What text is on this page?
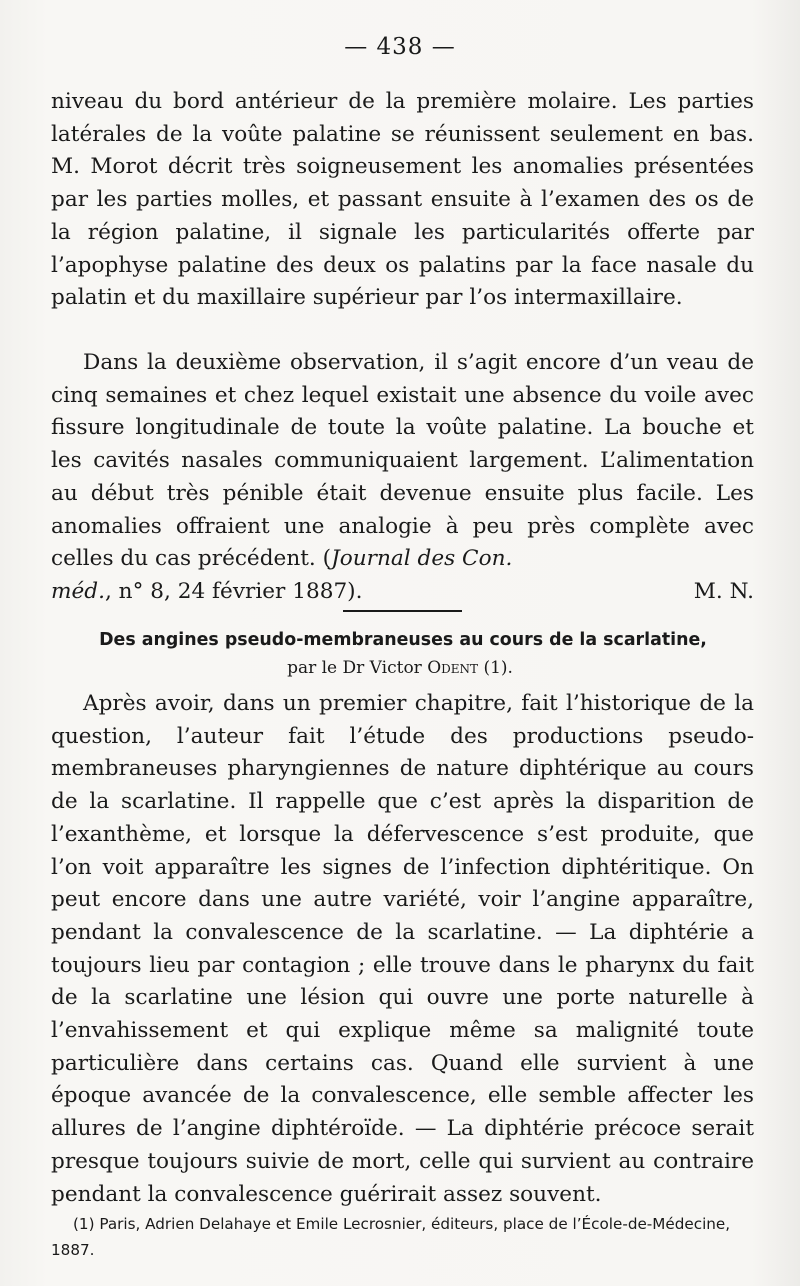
— 438 —

niveau du bord antérieur de la première molaire. Les parties latérales de la voûte palatine se réunissent seulement en bas. M. Morot décrit très soigneusement les anomalies présentées par les parties molles, et passant ensuite à l’examen des os de la région palatine, il signale les particularités offerte par l’apophyse palatine des deux os palatins par la face nasale du palatin et du maxillaire supérieur par l’os intermaxillaire.

Dans la deuxième observation, il s’agit encore d’un veau de cinq semaines et chez lequel existait une absence du voile avec fissure longitudinale de toute la voûte palatine. La bouche et les cavités nasales communiquaient largement. L’alimentation au début très pénible était devenue ensuite plus facile. Les anomalies offraient une analogie à peu près complète avec celles du cas précédent. (Journal des Con.

méd., n° 8, 24 février 1887).	M. N.
Des angines pseudo-membraneuses au cours de la scarlatine,
par le Dr Victor Odent (1).

Après avoir, dans un premier chapitre, fait l’historique de la question, l’auteur fait l’étude des productions pseudo-membraneuses pharyngiennes de nature diphtérique au cours de la scarlatine. Il rappelle que c’est après la disparition de l’exanthème, et lorsque la défervescence s’est produite, que l’on voit apparaître les signes de l’infection diphtéritique. On peut encore dans une autre variété, voir l’angine apparaître, pendant la convalescence de la scarlatine. — La diphtérie a toujours lieu par contagion ; elle trouve dans le pharynx du fait de la scarlatine une lésion qui ouvre une porte naturelle à l’envahissement et qui explique même sa malignité toute particulière dans certains cas. Quand elle survient à une époque avancée de la convalescence, elle semble affecter les allures de l’angine diphtéroïde. — La diphtérie précoce serait presque toujours suivie de mort, celle qui survient au contraire pendant la convalescence guérirait assez souvent.

(1) Paris, Adrien Delahaye et Emile Lecrosnier, éditeurs, place de l’École-de-Médecine, 1887.
